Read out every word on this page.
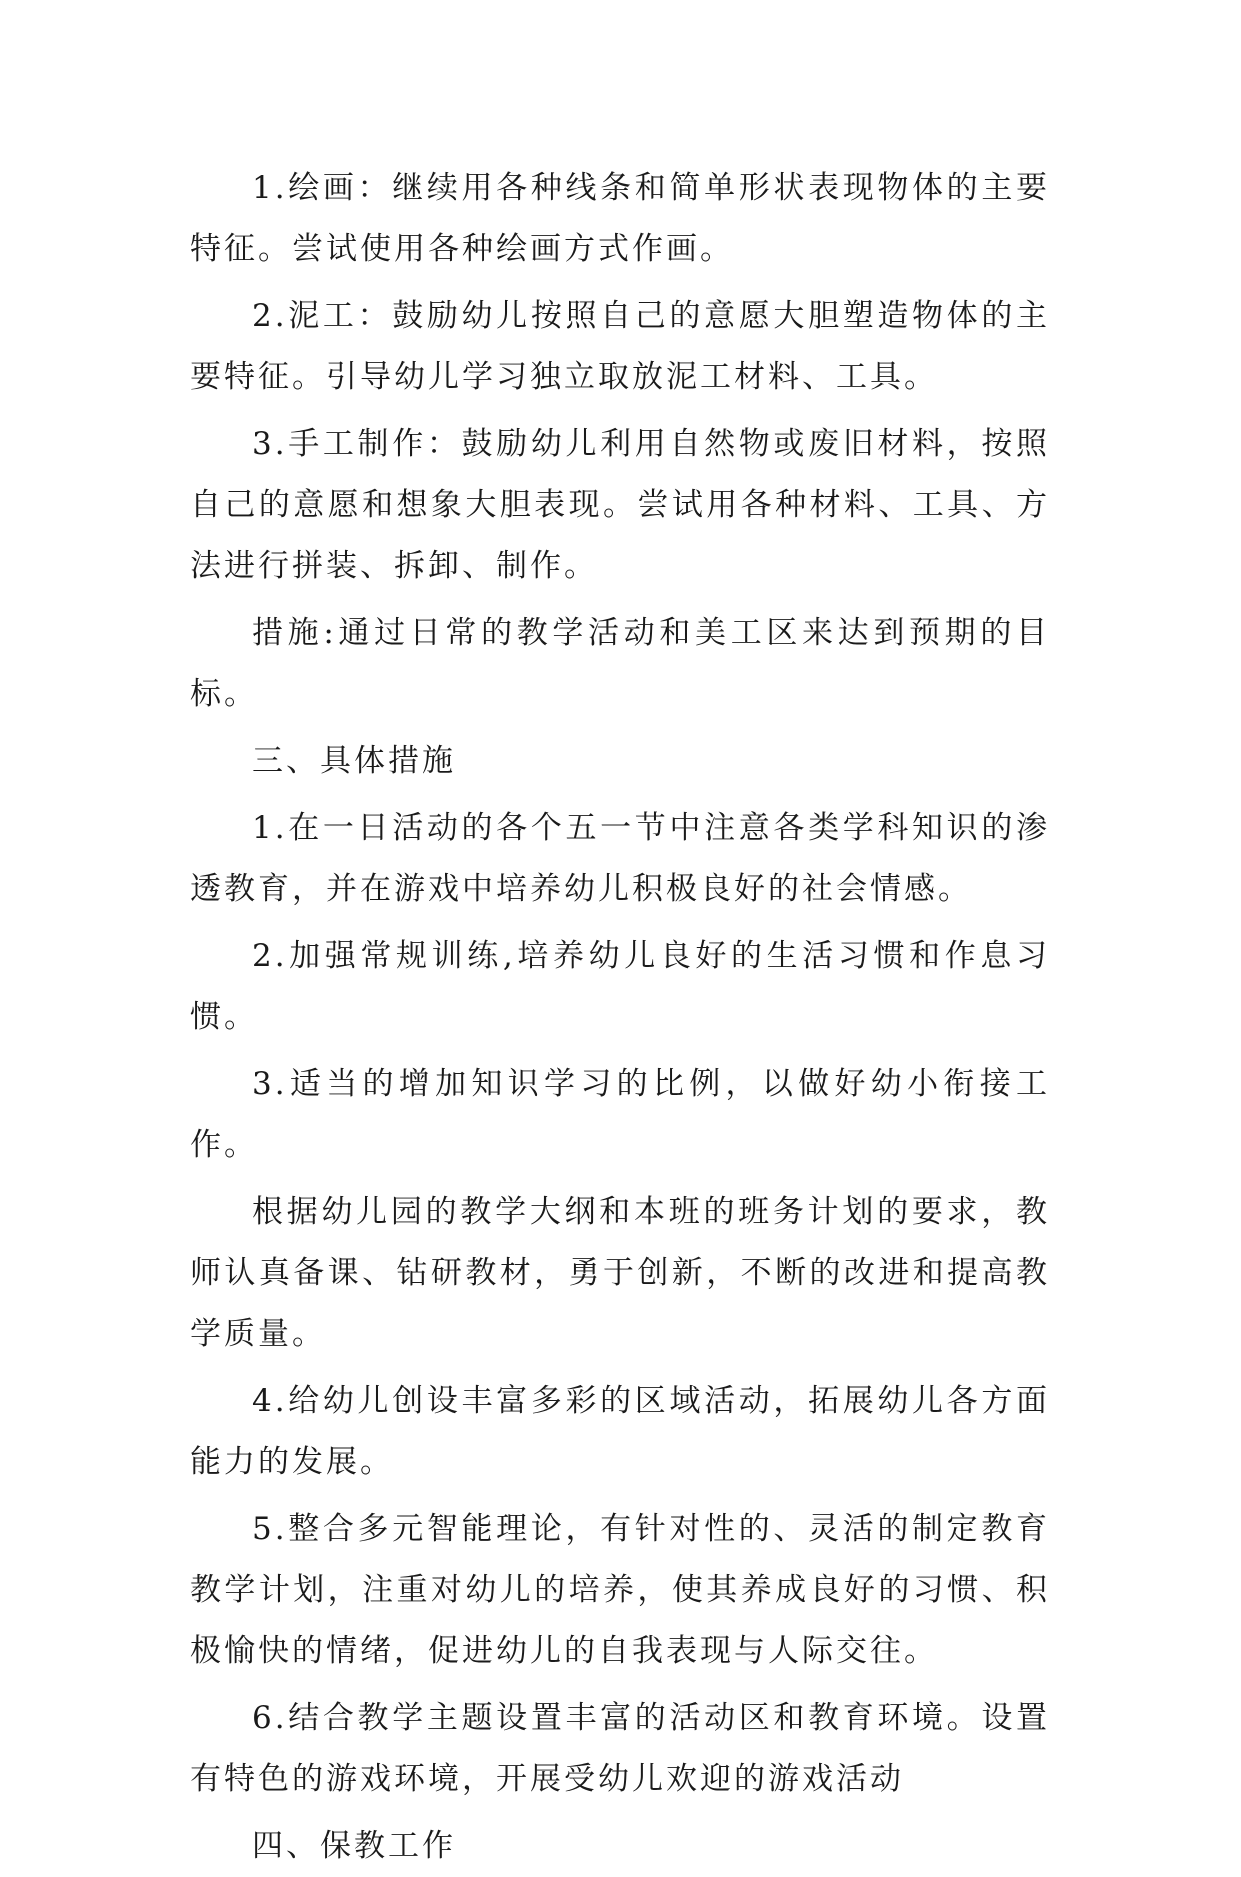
1.绘画：继续用各种线条和简单形状表现物体的主要特征。尝试使用各种绘画方式作画。

2.泥工：鼓励幼儿按照自己的意愿大胆塑造物体的主要特征。引导幼儿学习独立取放泥工材料、工具。

3.手工制作：鼓励幼儿利用自然物或废旧材料，按照自己的意愿和想象大胆表现。尝试用各种材料、工具、方法进行拼装、拆卸、制作。

措施:通过日常的教学活动和美工区来达到预期的目标。

三、具体措施

1.在一日活动的各个五一节中注意各类学科知识的渗透教育，并在游戏中培养幼儿积极良好的社会情感。

2.加强常规训练,培养幼儿良好的生活习惯和作息习惯。

3.适当的增加知识学习的比例，以做好幼小衔接工作。

根据幼儿园的教学大纲和本班的班务计划的要求，教师认真备课、钻研教材，勇于创新，不断的改进和提高教学质量。

4.给幼儿创设丰富多彩的区域活动，拓展幼儿各方面能力的发展。

5.整合多元智能理论，有针对性的、灵活的制定教育教学计划，注重对幼儿的培养，使其养成良好的习惯、积极愉快的情绪，促进幼儿的自我表现与人际交往。

6.结合教学主题设置丰富的活动区和教育环境。设置有特色的游戏环境，开展受幼儿欢迎的游戏活动

四、保教工作
